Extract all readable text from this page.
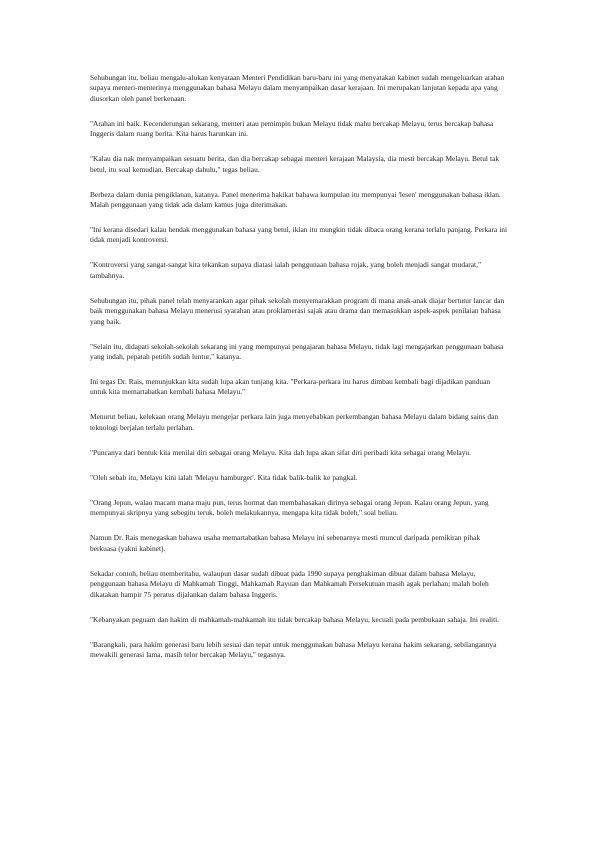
Sehubungan itu, beliau mengalu-alukan kenyataan Menteri Pendidikan baru-baru ini yang menyatakan kabinet sudah mengeluarkan arahan supaya menteri-menterinya menggunakan bahasa Melayu dalam menyampaikan dasar kerajaan. Ini merupakan lanjutan kepada apa yang diusorkan oleh panel berkenaan.

"Arahan ini baik. Kecenderungan sekarang, menteri atau pemimpin bukan Melayu tidak mahu bercakap Melayu, terus bercakap bahasa Inggeris dalam ruang berita. Kita harus harunkan ini.

"Kalau dia nak menyampaikan sesuatu berita, dan dia bercakap sebagai menteri kerajaan Malaysia, dia mesti bercakap Melayu. Betul tak betul, itu soal kemudian. Bercakap dahulu," tegas beliau.

Berbeza dalam dunia pengiklanan, katanya. Panel menerima hakikat bahawa kumpulan itu mempunyai 'lesen' menggunakan bahasa iklan. Malah penggunaan yang tidak ada dalam kamus juga diterimakan.

"Ini kerana disedari kalau hendak menggunakan bahasa yang betul, iklan itu mungkin tidak dibaca orang kerana terlalu panjang. Perkara ini tidak menjadi kontroversi.

"Kontroversi yang sangat-sangat kita tekankan supaya diatasi ialah penggunaan bahasa rojak, yang boleh menjadi sangat mudarat," tambahnya.

Sehubungan itu, pihak panel telah menyarankan agar pihak sekolah menyemarakkan program di mana anak-anak diajar bertutur lancar dan baik menggunakan bahasa Melayu menerusi syarahan atau proklamerasi sajak atau drama dan memasukkan aspek-aspek penilaian bahasa yang baik.

"Selain itu, didapati sekolah-sekolah sekarang ini yang mempunyai pengajaran bahasa Melayu, tidak lagi mengajarkan penggunaan bahasa yang indah, pepatah petitih sudah luntur," katanya.

Ini tegas Dr. Rais, menunjukkan kita sudah lupa akan tunjang kita. "Perkara-perkara itu harus dimbau kembali bagi dijadikan panduan untuk kita memartabatkan kembali bahasa Melayu."

Menurut beliau, kelekaan orang Melayu mengejar perkara lain juga menyebabkan perkembangan bahasa Melayu dalam bidang sains dan teknologi berjalan terlalu perlahan.

"Puncanya dari bentuk kita menilai diri sebagai orang Melayu. Kita dah lupa akan sifat diri peribadi kita sebagai orang Melayu.

"Oleh sebab itu, Melayu kini ialah 'Melayu hamburger'. Kita tidak balik-balik ke pangkal.

"Orang Jepun, walau macam mana maju pun, terus hormat dan membahasakan dirinya sebagai orang Jepun. Kalau orang Jepun, yang mempunyai skripnya yang sebegitu teruk, boleh melakukannya, mengapa kita tidak boleh," soal beliau.

Namun Dr. Rais menegaskan bahawa usaha memartabatkan bahasa Melayu ini sebenarnya mesti muncul daripada pemikiran pihak berkuasa (yakni kabinet).

Sekadar contoh, beliau memberitahu, walaupun dasar sudah dibuat pada 1990 supaya penghakiman dibuat dalam bahasa Melayu, penggunaan bahasa Melayu di Mahkamah Tinggi, Mahkamah Rayuan dan Mahkamah Persekutuan masih agak perlahan; malah boleh dikatakan hampir 75 peratus dijalankan dalam bahasa Inggeris.

"Kebanyakan peguam dan hakim di mahkamah-mahkamah itu tidak bercakap bahasa Melayu, kecuali pada pembukaan sahaja. Ini realiti.

"Barangkali, para hakim generasi baru lebih sesuai dan tepat untuk menggunakan bahasa Melayu kerana hakim sekarang, sebilangannya mewakili generasi lama, masih telor bercakap Melayu," tegasnya.
